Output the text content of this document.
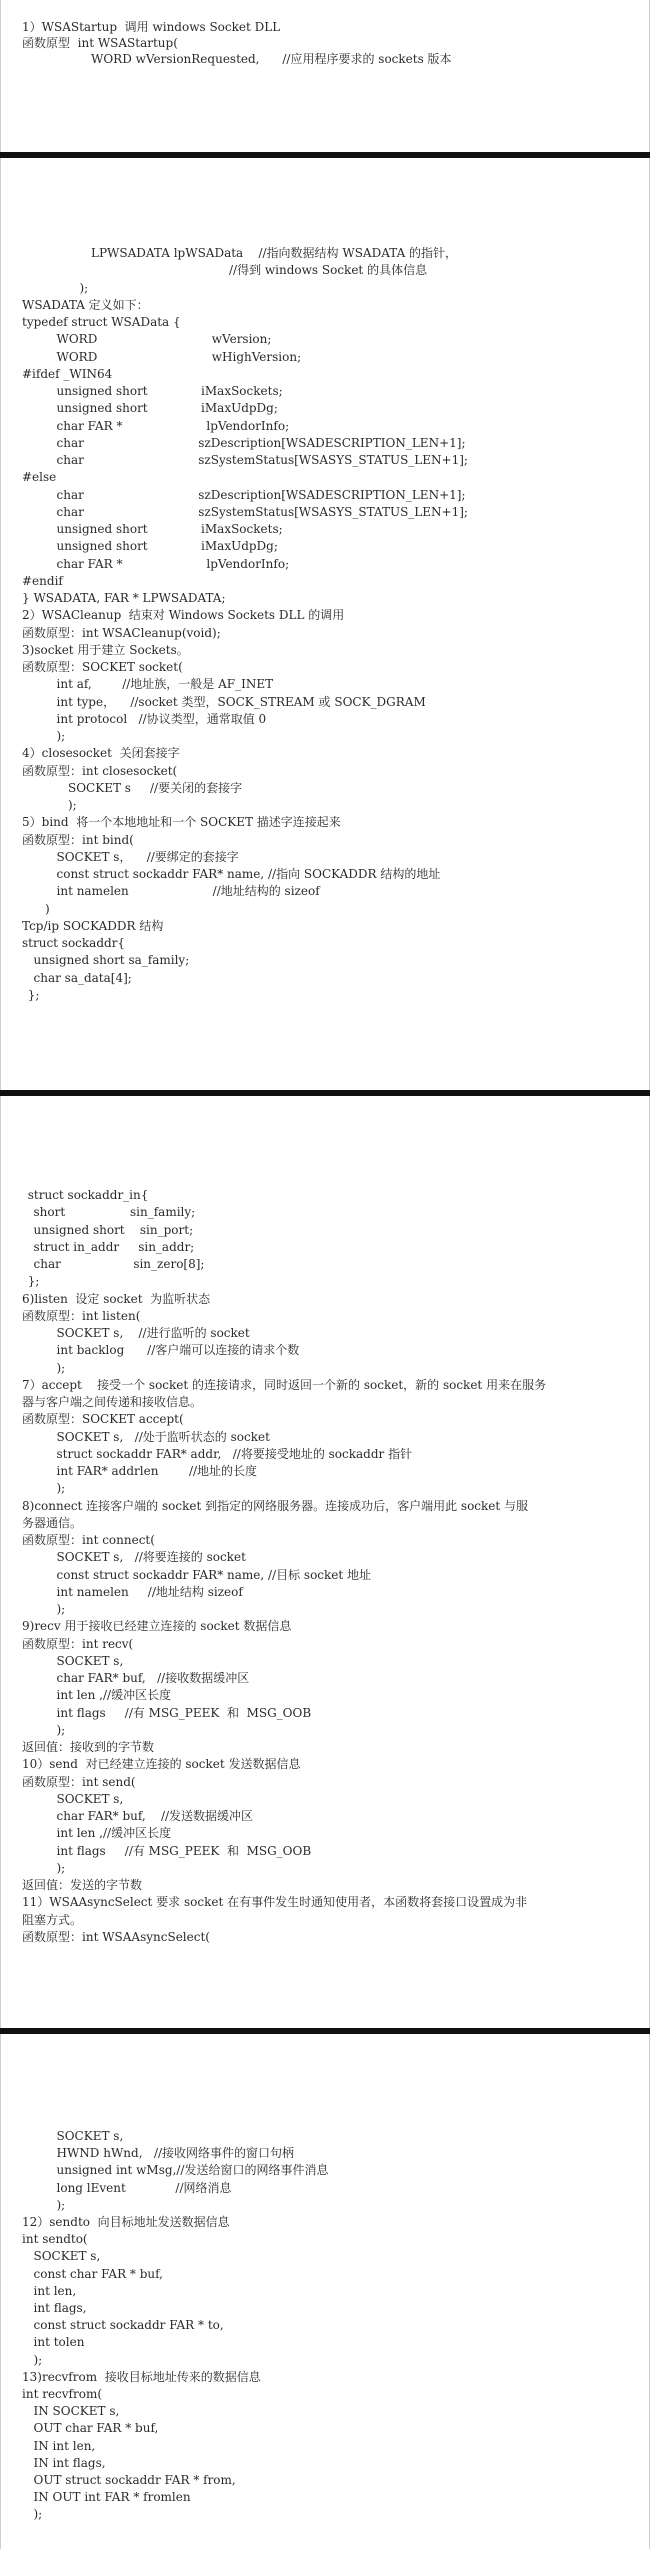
1）WSAStartup  调用 windows Socket DLL
函数原型  int WSAStartup(
WORD wVersionRequested,      //应用程序要求的 sockets 版本
LPWSADATA lpWSAData    //指向数据结构 WSADATA 的指针，
//得到 windows Socket 的具体信息
);
WSADATA 定义如下：
typedef struct WSAData {
WORD                              wVersion;
WORD                              wHighVersion;
#ifdef _WIN64
unsigned short              iMaxSockets;
unsigned short              iMaxUdpDg;
char FAR *                      lpVendorInfo;
char                              szDescription[WSADESCRIPTION_LEN+1];
char                              szSystemStatus[WSASYS_STATUS_LEN+1];
#else
char                              szDescription[WSADESCRIPTION_LEN+1];
char                              szSystemStatus[WSASYS_STATUS_LEN+1];
unsigned short              iMaxSockets;
unsigned short              iMaxUdpDg;
char FAR *                      lpVendorInfo;
#endif
} WSADATA, FAR * LPWSADATA;
2）WSACleanup  结束对 Windows Sockets DLL 的调用
函数原型：int WSACleanup(void);
3)socket 用于建立 Sockets。
函数原型：SOCKET socket(
int af,        //地址族，一般是 AF_INET
int type，    //socket 类型，SOCK_STREAM 或 SOCK_DGRAM
int protocol   //协议类型，通常取值 0
);
4）closesocket  关闭套接字
函数原型：int closesocket(
SOCKET s     //要关闭的套接字
);
5）bind  将一个本地地址和一个 SOCKET 描述字连接起来
函数原型：int bind(
SOCKET s，    //要绑定的套接字
const struct sockaddr FAR* name, //指向 SOCKADDR 结构的地址
int namelen                      //地址结构的 sizeof
)
Tcp/ip SOCKADDR 结构
struct sockaddr{
unsigned short sa_family;
char sa_data[4];
};
struct sockaddr_in{
short                 sin_family;
unsigned short    sin_port;
struct in_addr     sin_addr;
char                   sin_zero[8];
};
6)listen  设定 socket  为监听状态
函数原型：int listen(
SOCKET s,    //进行监听的 socket
int backlog      //客户端可以连接的请求个数
);
7）accept    接受一个 socket 的连接请求，同时返回一个新的 socket，新的 socket 用来在服务
器与客户端之间传递和接收信息。
函数原型：SOCKET accept(
SOCKET s,   //处于监听状态的 socket
struct sockaddr FAR* addr,   //将要接受地址的 sockaddr 指针
int FAR* addrlen        //地址的长度
);
8)connect 连接客户端的 socket 到指定的网络服务器。连接成功后，客户端用此 socket 与服
务器通信。
函数原型：int connect(
SOCKET s,   //将要连接的 socket
const struct sockaddr FAR* name, //目标 socket 地址
int namelen     //地址结构 sizeof
);
9)recv 用于接收已经建立连接的 socket 数据信息
函数原型：int recv(
SOCKET s,
char FAR* buf,   //接收数据缓冲区
int len ,//缓冲区长度
int flags     //有 MSG_PEEK  和  MSG_OOB
);
返回值：接收到的字节数
10）send  对已经建立连接的 socket 发送数据信息
函数原型：int send(
SOCKET s,
char FAR* buf,    //发送数据缓冲区
int len ,//缓冲区长度
int flags     //有 MSG_PEEK  和  MSG_OOB
);
返回值：发送的字节数
11）WSAAsyncSelect 要求 socket 在有事件发生时通知使用者，本函数将套接口设置成为非
阻塞方式。
函数原型：int WSAAsyncSelect(
SOCKET s,
HWND hWnd,   //接收网络事件的窗口句柄
unsigned int wMsg,//发送给窗口的网络事件消息
long lEvent             //网络消息
);
12）sendto  向目标地址发送数据信息
int sendto(
SOCKET s,
const char FAR * buf,
int len,
int flags,
const struct sockaddr FAR * to,
int tolen
);
13)recvfrom  接收目标地址传来的数据信息
int recvfrom(
IN SOCKET s,
OUT char FAR * buf,
IN int len,
IN int flags,
OUT struct sockaddr FAR * from,
IN OUT int FAR * fromlen
);
